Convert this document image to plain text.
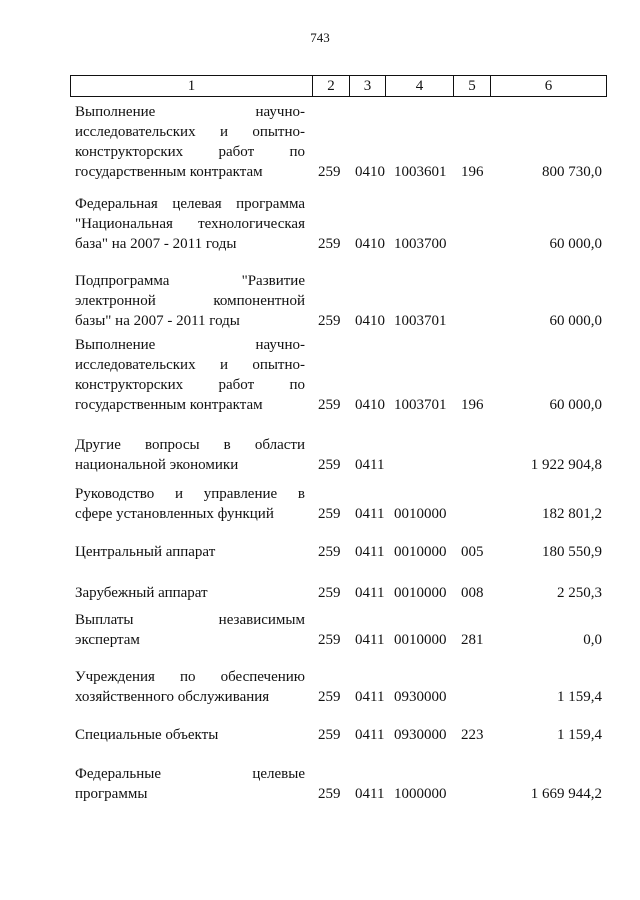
743
1	2	3	4	5	6
Выполнение научно-
исследовательских и опытно-
конструкторских работ по
государственным контрактам	259 0410 1003601 196	800 730,0
Федеральная целевая программа
"Национальная технологическая
база" на 2007 - 2011 годы	259 0410 1003700	60 000,0
Подпрограмма "Развитие
электронной компонентной
базы" на 2007 - 2011 годы	259 0410 1003701	60 000,0
Выполнение научно-
исследовательских и опытно-
конструкторских работ по
государственным контрактам	259 0410 1003701 196	60 000,0
Другие вопросы в области
национальной экономики	259 0411	1 922 904,8
Руководство и управление в
сфере установленных функций	259 0411 0010000	182 801,2
Центральный аппарат	259 0411 0010000 005	180 550,9
Зарубежный аппарат	259 0411 0010000 008	2 250,3
Выплаты независимым
экспертам	259 0411 0010000 281	0,0
Учреждения по обеспечению
хозяйственного обслуживания	259 0411 0930000	1 159,4
Специальные объекты	259 0411 0930000 223	1 159,4
Федеральные целевые
программы	259 0411 1000000	1 669 944,2
